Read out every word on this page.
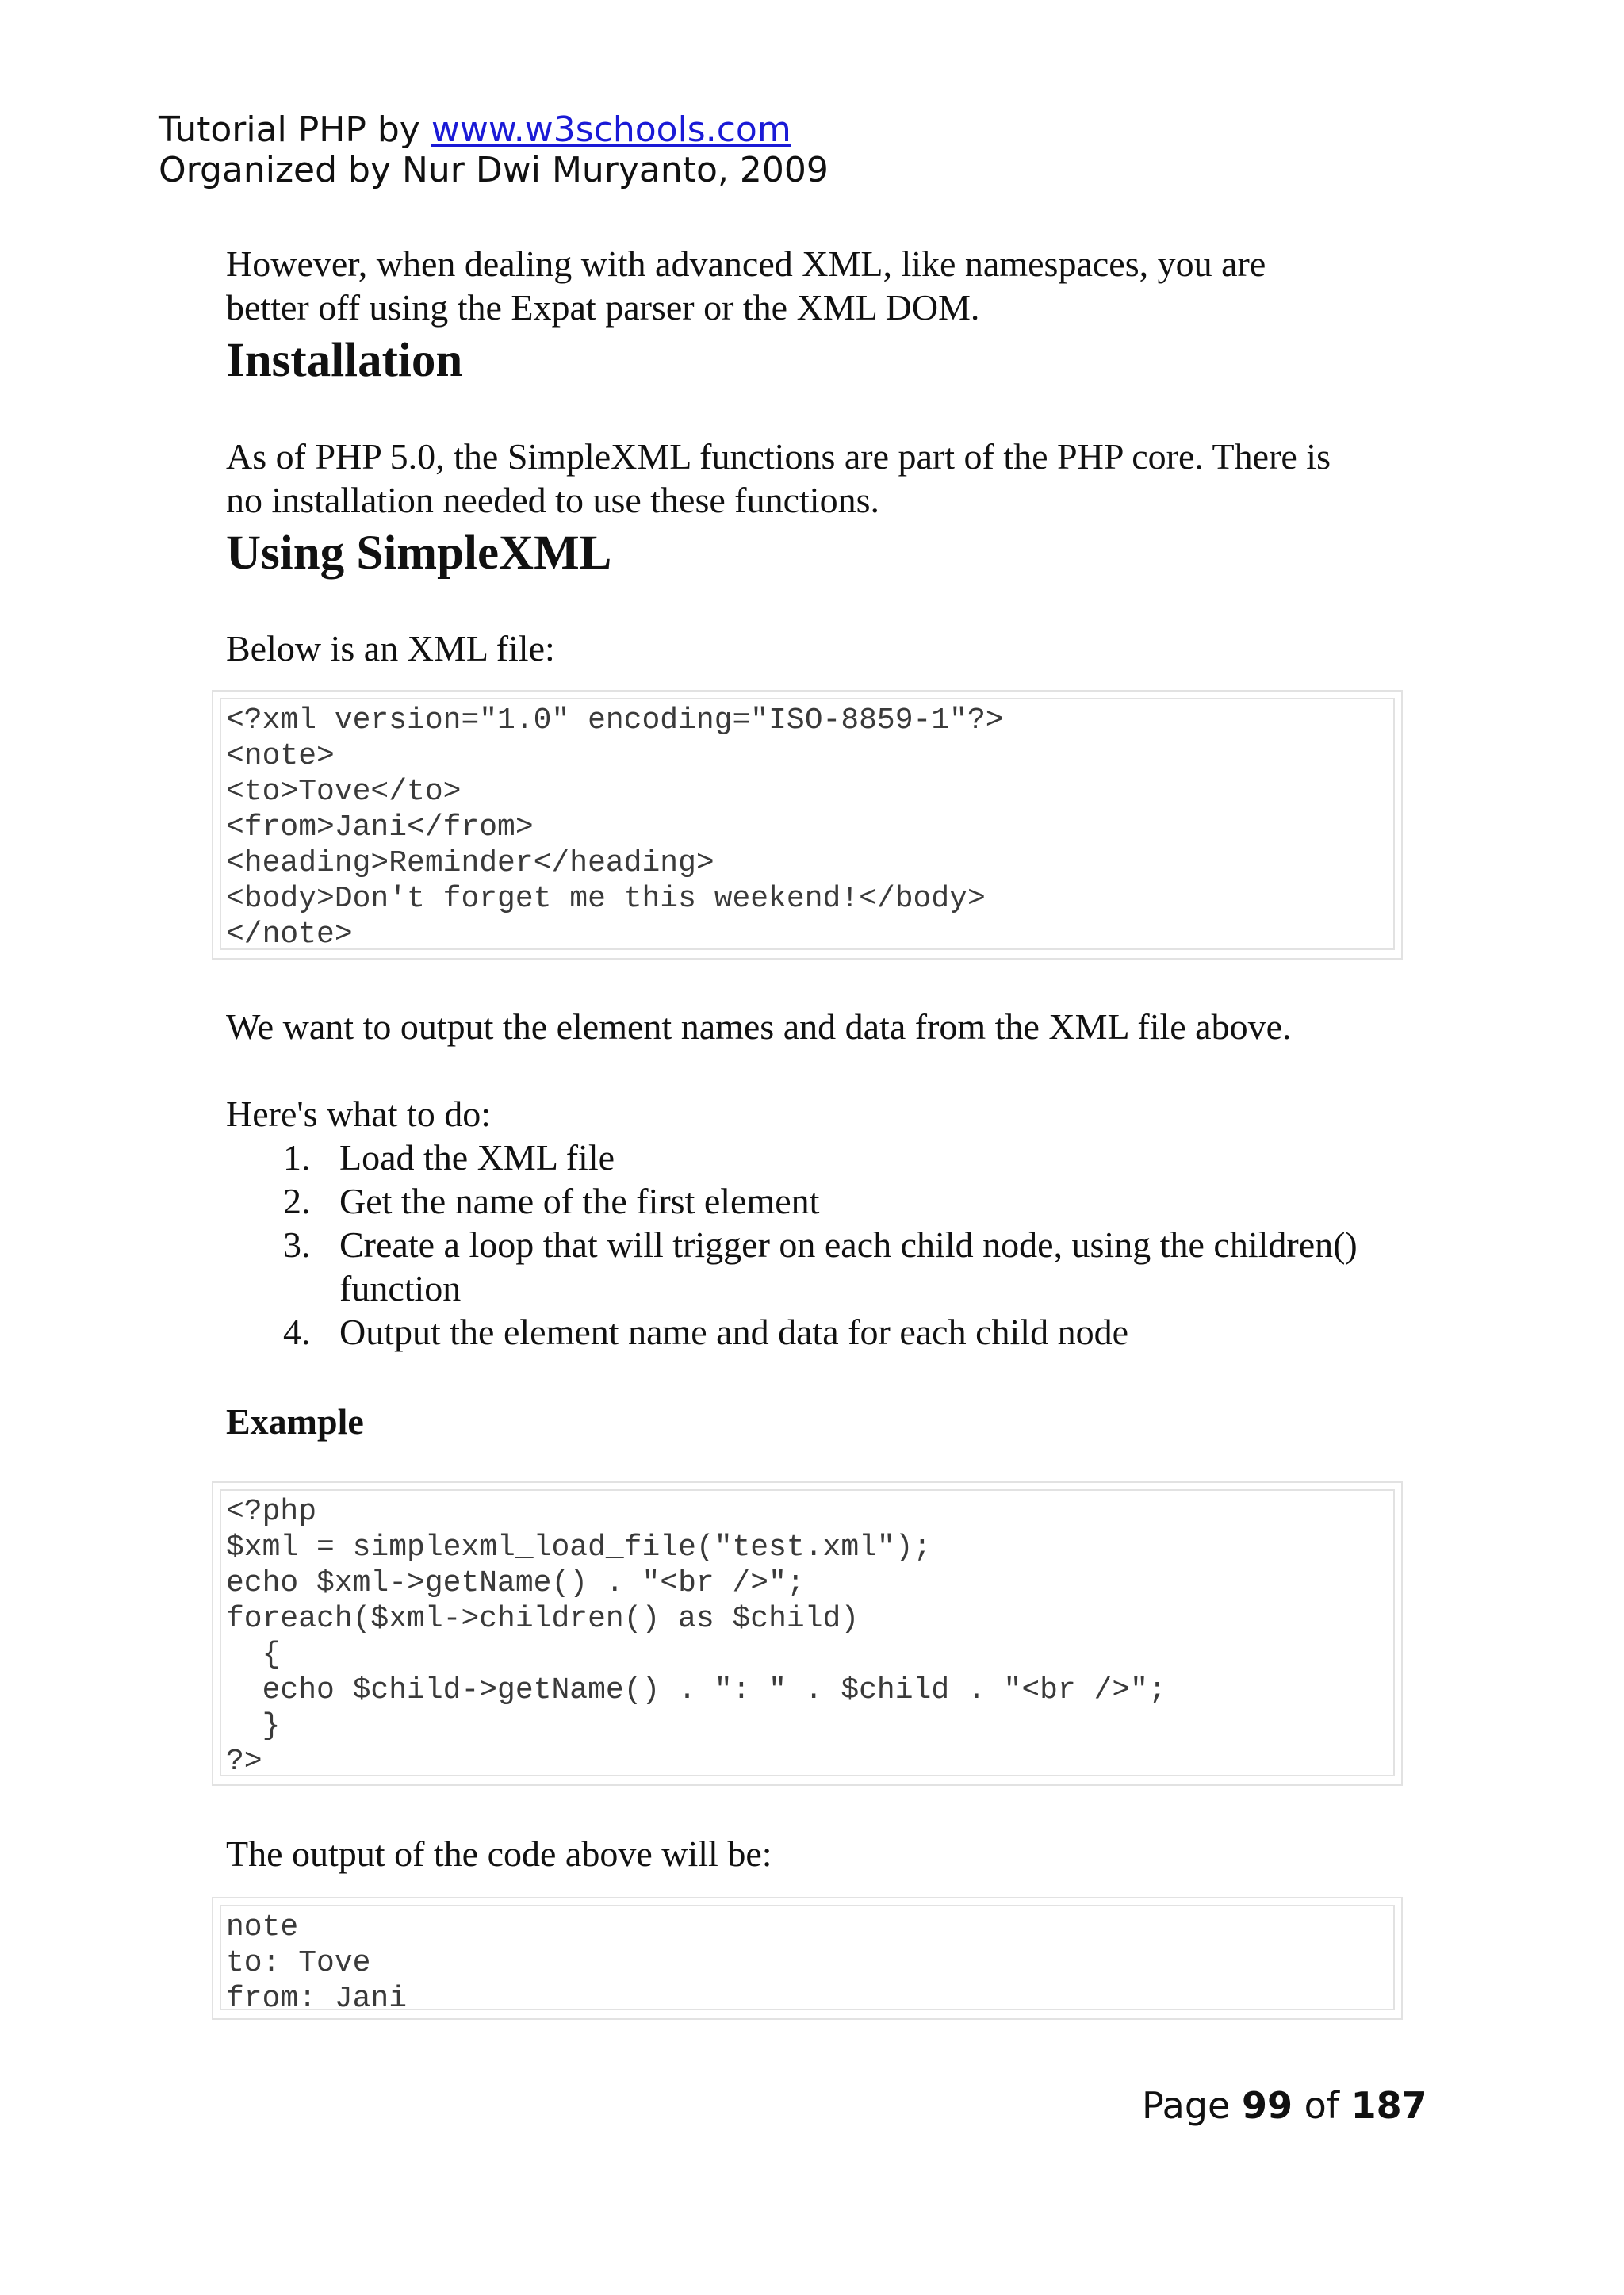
Tutorial PHP by www.w3schools.com
Organized by Nur Dwi Muryanto, 2009

However, when dealing with advanced XML, like namespaces, you are

better off using the Expat parser or the XML DOM.

Installation

As of PHP 5.0, the SimpleXML functions are part of the PHP core. There is

no installation needed to use these functions.

Using SimpleXML

Below is an XML file:

<?xml version="1.0" encoding="ISO-8859-1"?>
<note>
<to>Tove</to>
<from>Jani</from>
<heading>Reminder</heading>
<body>Don't forget me this weekend!</body>
</note>

We want to output the element names and data from the XML file above.

Here's what to do:

1. Load the XML file
2. Get the name of the first element
3. Create a loop that will trigger on each child node, using the children()
function
4. Output the element name and data for each child node
Example
<?php
$xml = simplexml_load_file("test.xml");
echo $xml->getName() . "<br />";
foreach($xml->children() as $child)
{
echo $child->getName() . ": " . $child . "<br />";
}
?>

The output of the code above will be:

note
to: Tove
from: Jani
Page 99 of 187
